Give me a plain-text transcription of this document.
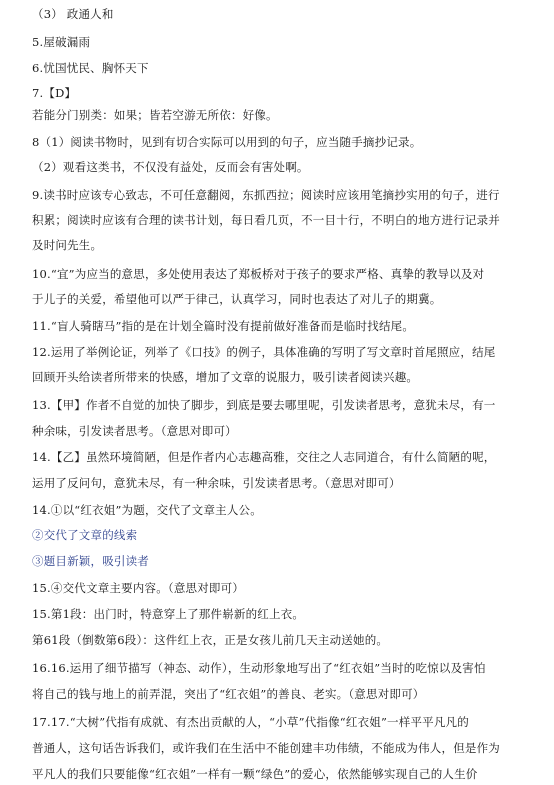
（3） 政通人和
5.屋破漏雨
6.忧国忧民、胸怀天下
7.【D】
若能分门别类：如果；皆若空游无所依：好像。
8（1）阅读书物时，见到有切合实际可以用到的句子，应当随手摘抄记录。
（2）观看这类书，不仅没有益处，反而会有害处啊。
9.读书时应该专心致志，不可任意翻阅，东抓西拉；阅读时应该用笔摘抄实用的句子，进行
积累；阅读时应该有合理的读书计划，每日看几页，不一目十行，不明白的地方进行记录并
及时问先生。
10.“宜”为应当的意思，多处使用表达了郑板桥对于孩子的要求严格、真挚的教导以及对
于儿子的关爱，希望他可以严于律己，认真学习，同时也表达了对儿子的期冀。
11.“盲人骑瞎马”指的是在计划全篇时没有提前做好准备而是临时找结尾。
12.运用了举例论证，列举了《口技》的例子，具体准确的写明了写文章时首尾照应，结尾
回顾开头给读者所带来的快感，增加了文章的说服力，吸引读者阅读兴趣。
13.【甲】作者不自觉的加快了脚步，到底是要去哪里呢，引发读者思考，意犹未尽，有一
种余味，引发读者思考。（意思对即可）
14.【乙】虽然环境简陋，但是作者内心志趣高雅，交往之人志同道合，有什么简陋的呢，
运用了反问句，意犹未尽，有一种余味，引发读者思考。（意思对即可）
14.①以“红衣姐”为题，交代了文章主人公。
②交代了文章的线索
③题目新颖，吸引读者
15.④交代文章主要内容。（意思对即可）
15.第1段：出门时，特意穿上了那件崭新的红上衣。
第61段（倒数第6段）：这件红上衣，正是女孩儿前几天主动送她的。
16.16.运用了细节描写（神态、动作），生动形象地写出了“红衣姐”当时的吃惊以及害怕
将自己的钱与地上的前弄混，突出了“红衣姐”的善良、老实。（意思对即可）
17.17.“大树”代指有成就、有杰出贡献的人，“小草”代指像“红衣姐”一样平平凡凡的
普通人，这句话告诉我们，或许我们在生活中不能创建丰功伟绩，不能成为伟人，但是作为
平凡人的我们只要能像“红衣姐”一样有一颗“绿色”的爱心，依然能够实现自己的人生价
